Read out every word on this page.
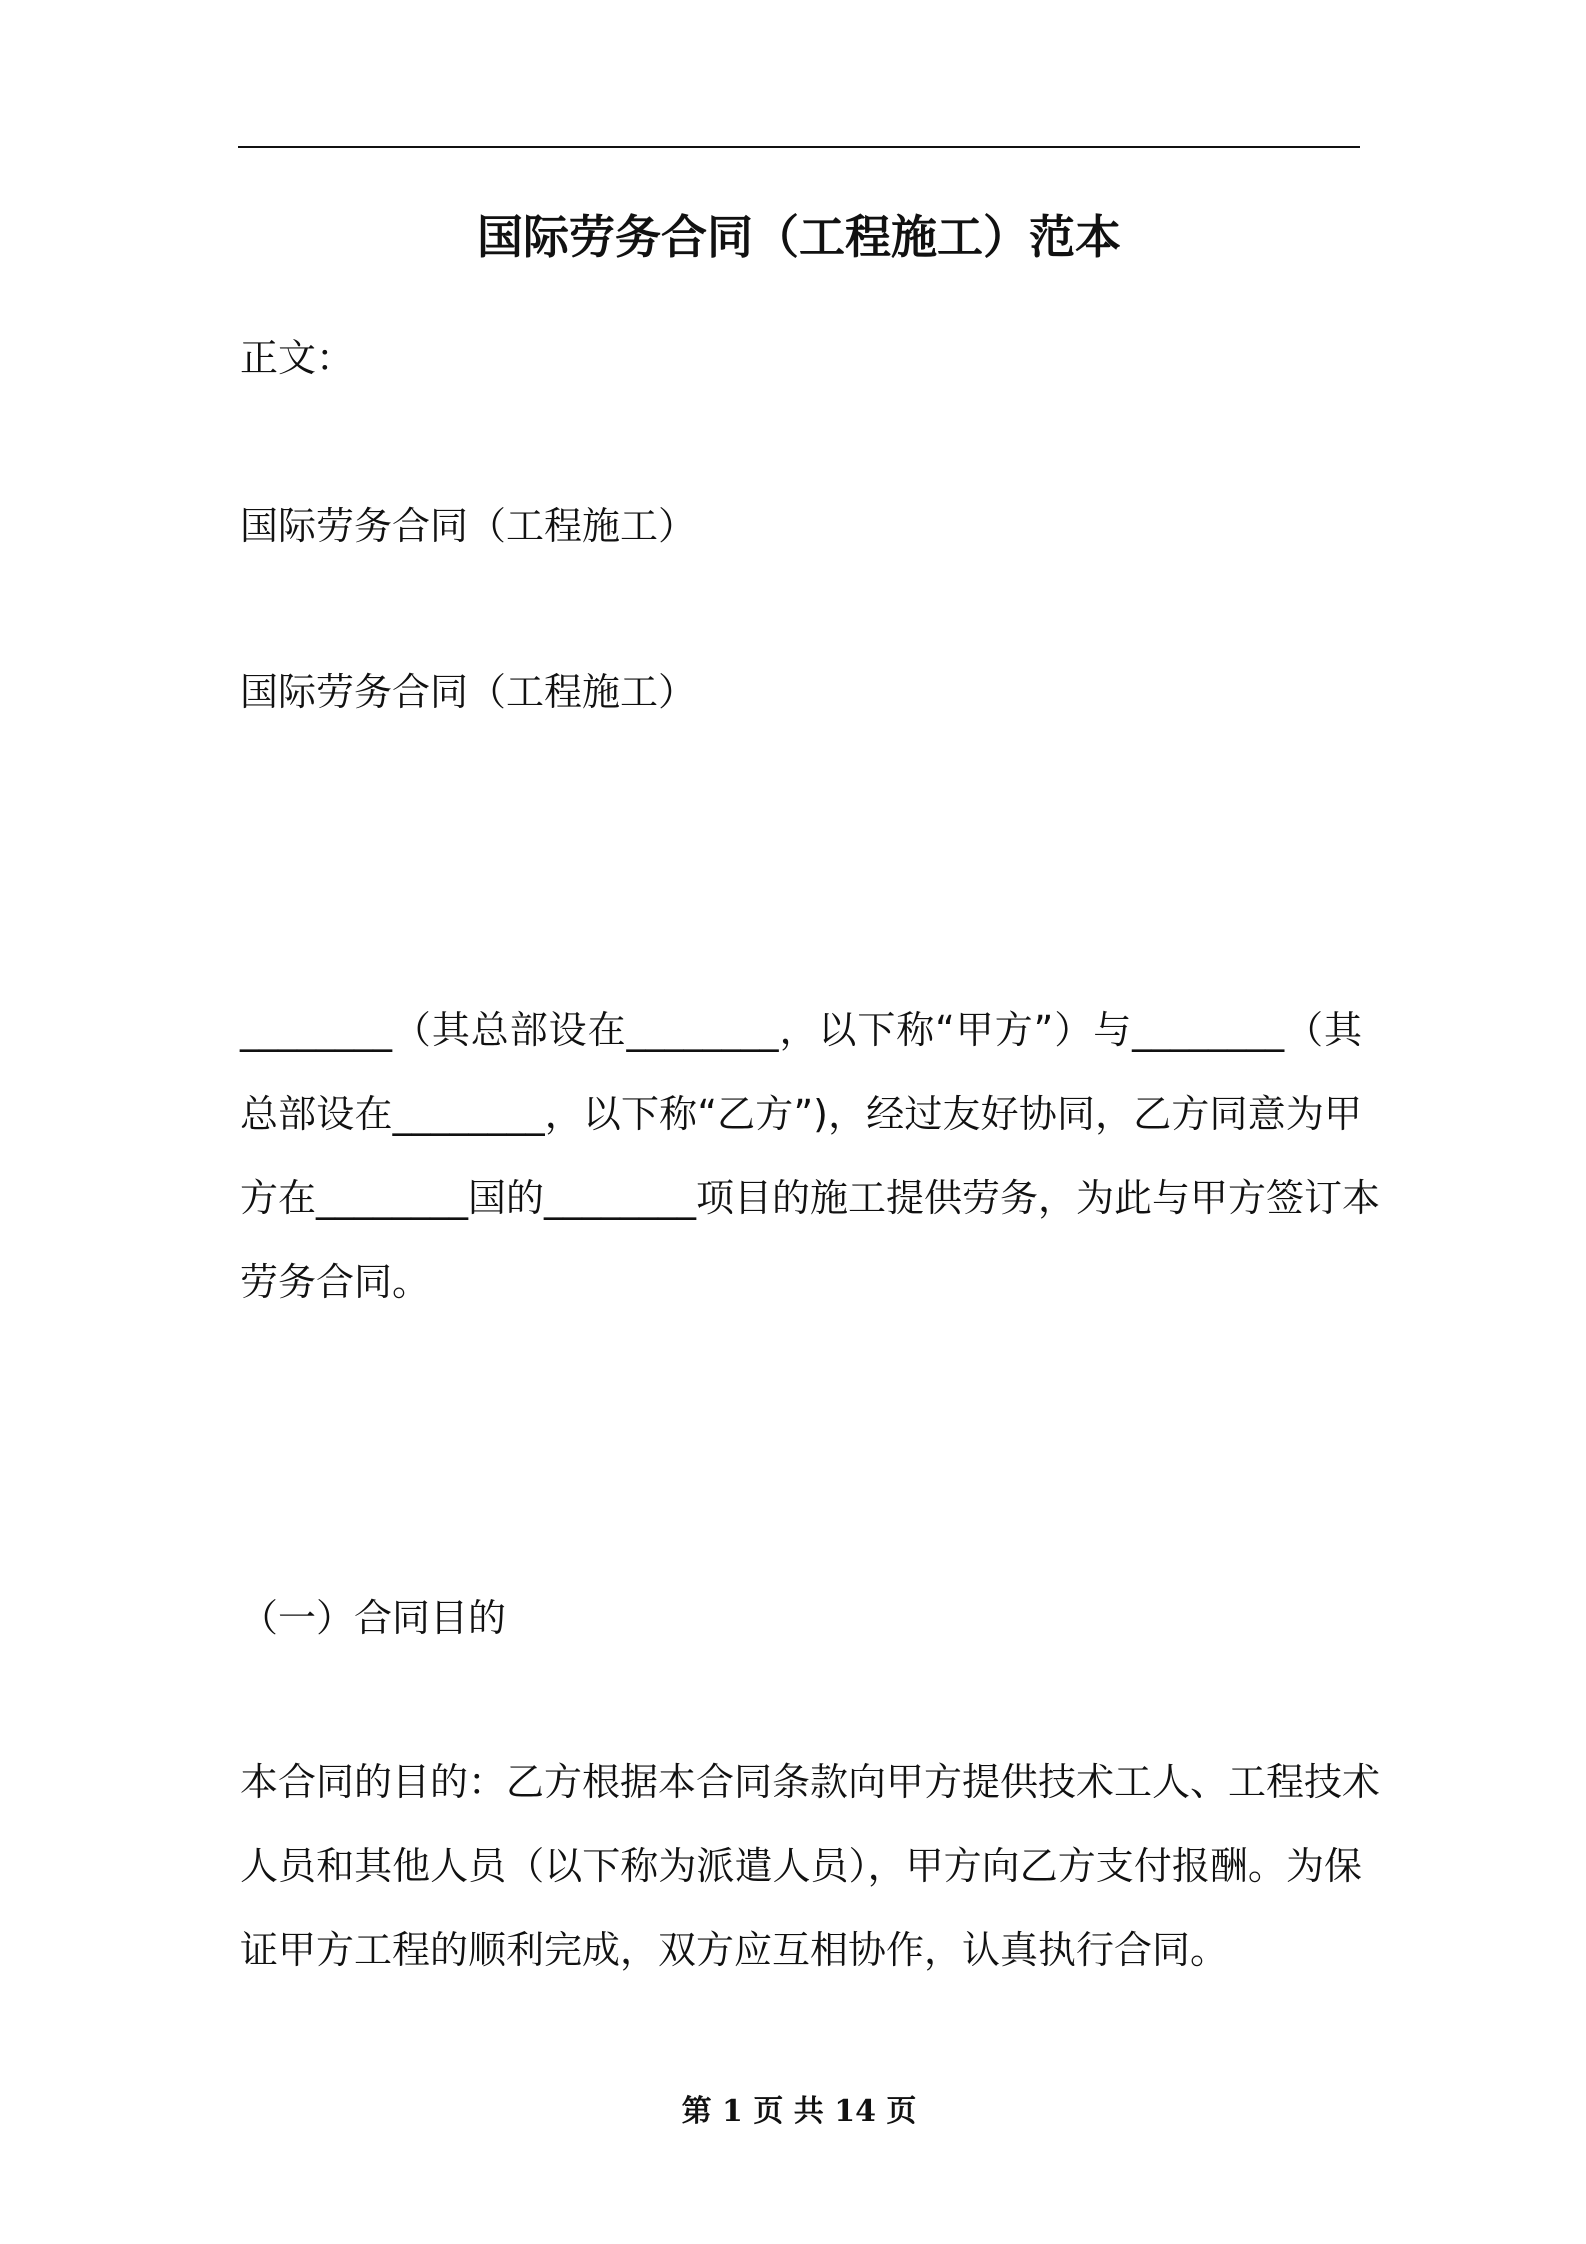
国际劳务合同（工程施工）范本
正文：
国际劳务合同（工程施工）
国际劳务合同（工程施工）
________（其总部设在________，以下称“甲方”）与________（其
总部设在________，以下称“乙方”)，经过友好协同，乙方同意为甲
方在________国的________项目的施工提供劳务，为此与甲方签订本
劳务合同。
（一）合同目的
本合同的目的：乙方根据本合同条款向甲方提供技术工人、工程技术
人员和其他人员（以下称为派遣人员），甲方向乙方支付报酬。为保
证甲方工程的顺利完成，双方应互相协作，认真执行合同。
第 1 页 共 14 页
